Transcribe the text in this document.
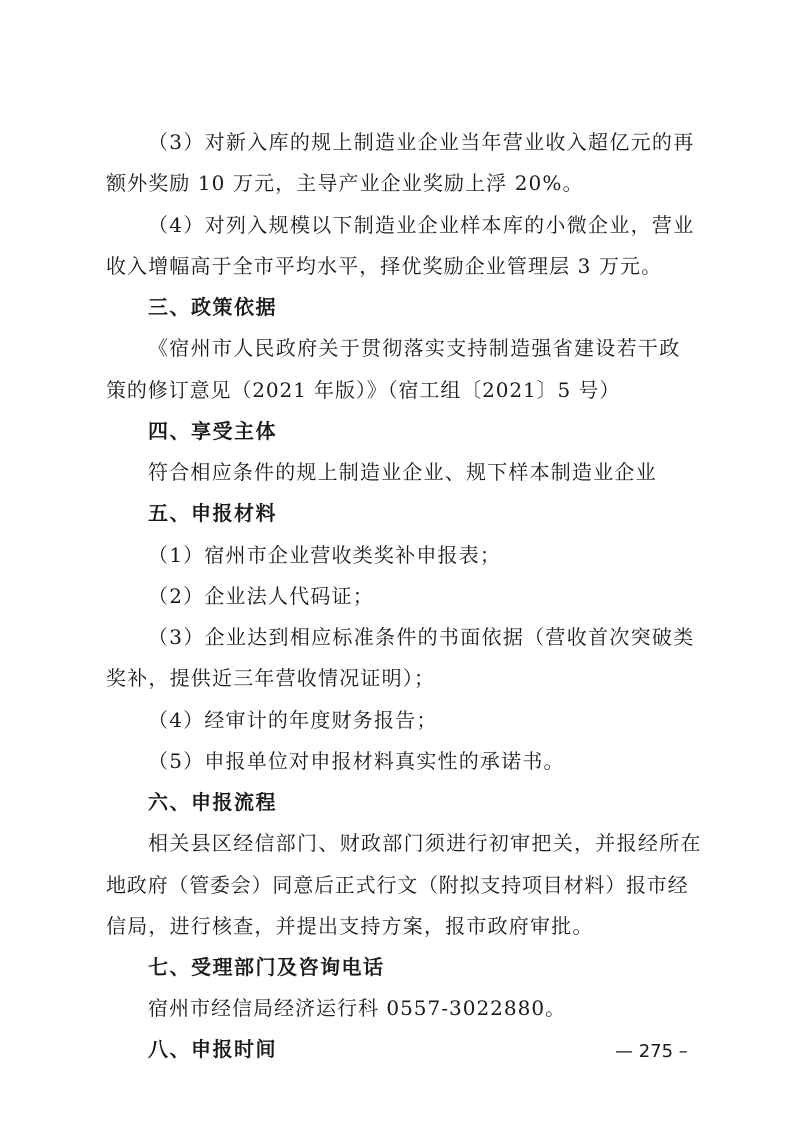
（3）对新入库的规上制造业企业当年营业收入超亿元的再

额外奖励 10 万元，主导产业企业奖励上浮 20%。

（4）对列入规模以下制造业企业样本库的小微企业，营业

收入增幅高于全市平均水平，择优奖励企业管理层 3 万元。

三、政策依据

《宿州市人民政府关于贯彻落实支持制造强省建设若干政

策的修订意见（2021 年版）》（宿工组〔2021〕5 号）

四、享受主体

符合相应条件的规上制造业企业、规下样本制造业企业

五、申报材料

（1）宿州市企业营收类奖补申报表；

（2）企业法人代码证；

（3）企业达到相应标准条件的书面依据（营收首次突破类

奖补，提供近三年营收情况证明）；

（4）经审计的年度财务报告；

（5）申报单位对申报材料真实性的承诺书。

六、申报流程

相关县区经信部门、财政部门须进行初审把关，并报经所在

地政府（管委会）同意后正式行文（附拟支持项目材料）报市经

信局，进行核查，并提出支持方案，报市政府审批。

七、受理部门及咨询电话

宿州市经信局经济运行科 0557-3022880。

八、申报时间	— 275 –
